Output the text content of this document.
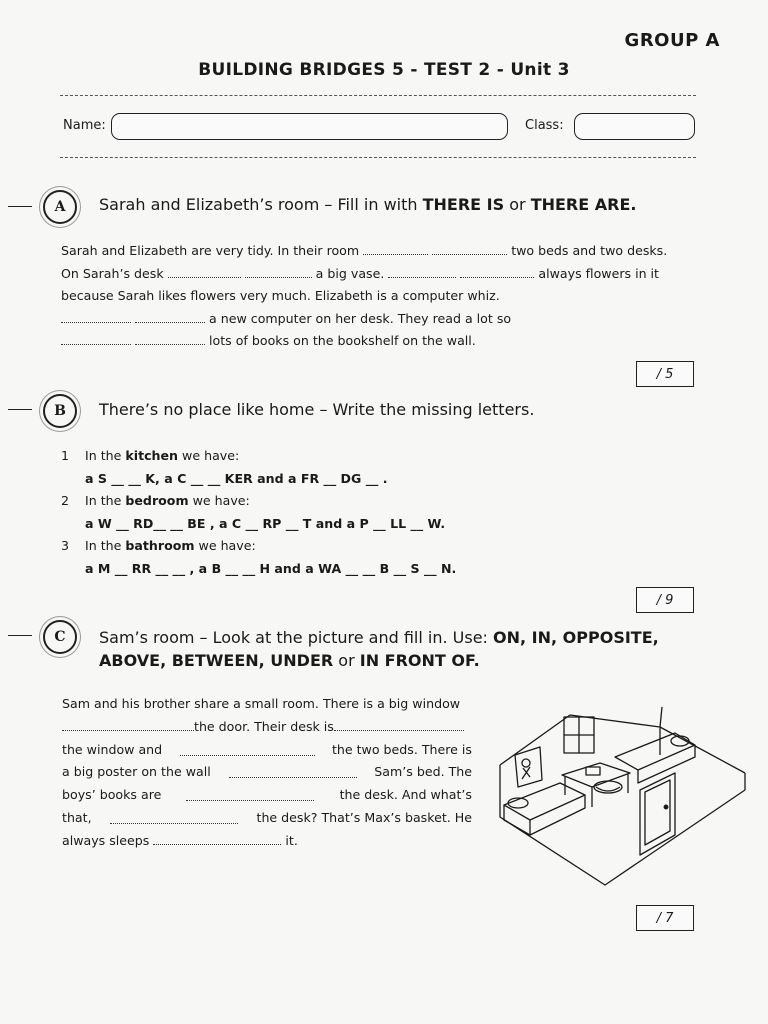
GROUP A
BUILDING BRIDGES 5 - TEST 2 - Unit 3
Name:	Class:
A	Sarah and Elizabeth’s room – Fill in with THERE IS or THERE ARE.
Sarah and Elizabeth are very tidy. In their room	two beds and two desks.
On Sarah’s desk	a big vase.	always flowers in it
because Sarah likes flowers very much. Elizabeth is a computer whiz.
a new computer on her desk. They read a lot so
lots of books on the bookshelf on the wall.
/ 5
B	There’s no place like home – Write the missing letters.
1 In the kitchen we have:
a S __ __ K, a C __ __ KER and a FR __ DG __ .
2 In the bedroom we have:
a W __ RD__ __ BE , a C __ RP __ T and a P __ LL __ W.
3 In the bathroom we have:
a M __ RR __ __ , a B __ __ H and a WA __ __ B __ S __ N.
/ 9
C	Sam’s room – Look at the picture and fill in. Use: ON, IN, OPPOSITE,
ABOVE, BETWEEN, UNDER or IN FRONT OF.
Sam and his brother share a small room. There is a big window
the door. Their desk is
the window and	the two beds. There is
a big poster on the wall	Sam’s bed. The
boys’ books are	the desk. And what’s
that,	the desk? That’s Max’s basket. He
always sleeps	it.
/ 7
